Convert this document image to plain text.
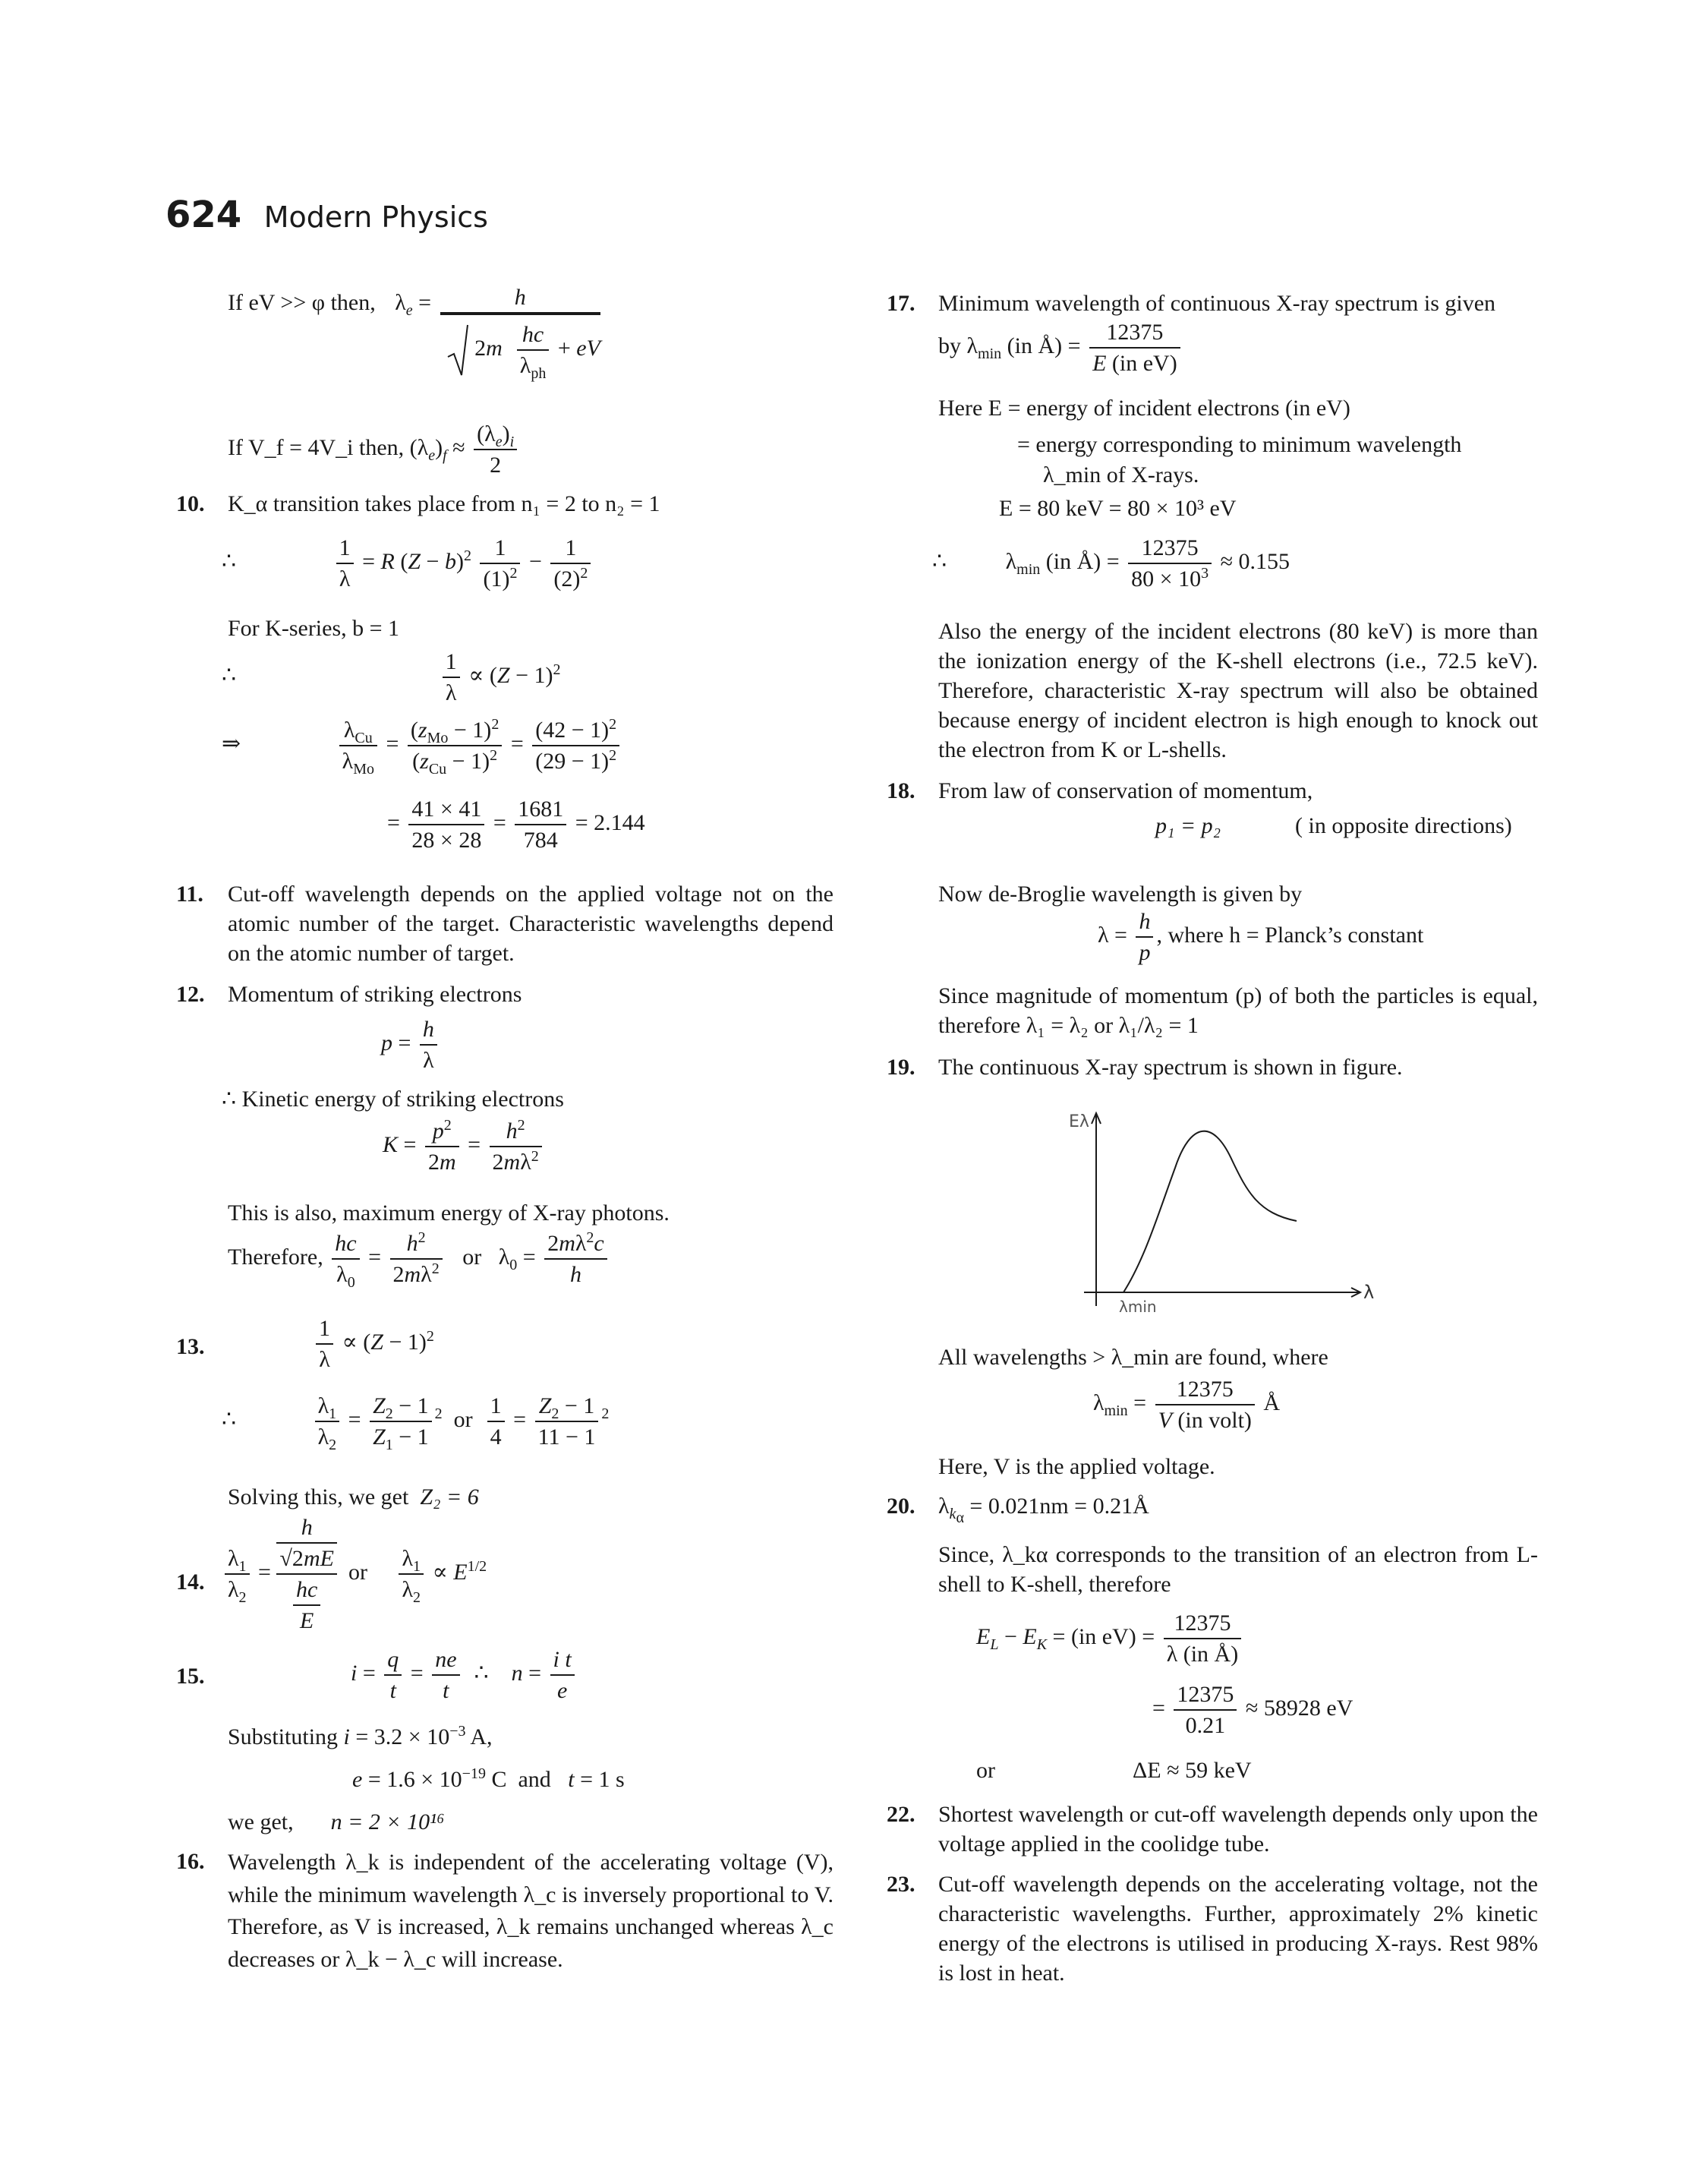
624 Modern Physics
If eV >> φ then, $\lambda_e = \frac{h}{2m \frac{hc}{\lambda_{ph}} + eV}$
If V_f = 4V_i then, $(\lambda_e)_f \approx \frac{(\lambda_e)_i}{2}$
10. K_α transition takes place from n₁ = 2 to n₂ = 1
∴	$\frac{1}{\lambda} = R$ $(Z - b)^2 \frac{1}{(1)^2} - \frac{1}{(2)^2}$
For K-series, b = 1
∴	$\frac{1}{\lambda} \propto (Z - 1)^2$
⇒	$\frac{\lambda_{Cu}}{\lambda_{Mo}} = \frac{(z_{Mo} - 1)^2}{(z_{Cu} - 1)^2} = \frac{(42 - 1)^2}{(29 - 1)^2}$
= $\frac{41 \times 41}{28 \times 28} = \frac{1681}{784} = 2.144$
11. Cut-off wavelength depends on the applied voltage not on the atomic number of the target. Characteristic wavelengths depend on the atomic number of target.
12. Momentum of striking electrons
$p = \frac{h}{\lambda}$
∴ Kinetic energy of striking electrons
$K = \frac{p^2}{2m} = \frac{h^2}{2m\lambda^2}$
This is also, maximum energy of X-ray photons.
Therefore, $\frac{hc}{\lambda_0} = \frac{h^2}{2m\lambda^2}$ or   $\lambda_0 = \frac{2m\lambda^2c}{h}$
13.	$\frac{1}{\lambda} \propto (Z - 1)^2$
∴	$\frac{\lambda_1}{\lambda_2} = \frac{Z_2 - 1}{Z_1 - 1} ^2$  or $\frac{1}{4} = \frac{Z_2 - 1}{11 - 1} ^2$
Solving this, we get Z₂ = 6
14. $\frac{\lambda_1}{\lambda_2} = \frac{\frac{h}{√2mE}}{\frac{hc}{E}}$ or $\frac{\lambda_1}{\lambda_2} \propto E^{1/2}$
15.	$i = \frac{q}{t} = \frac{ne}{t}$ ∴    $n = \frac{\text{i t}}{e}$
Substituting $i = 3.2 \times 10^{-3}$ A,
$e = 1.6 \times 10^{-19}$ C  and   t = 1 s
we get, n = 2 × 10¹⁶
16. Wavelength λ_k is independent of the accelerating voltage (V), while the minimum wavelength λ_c is inversely proportional to V. Therefore, as V is increased, λ_k remains unchanged whereas λ_c decreases or λ_k − λ_c will increase.
17. Minimum wavelength of continuous X-ray spectrum is given
by $\lambda_{min}$ (in Å) = $\frac{12375}{\text{E (in eV)}}$
Here E = energy of incident electrons (in eV)
= energy corresponding to minimum wavelength
λ_min of X-rays.
E = 80 keV = 80 × 10³ eV
∴ $\lambda_{min}$ (in Å) = $\frac{12375}{80 \times 10^3} \approx 0.155$
Also the energy of the incident electrons (80 keV) is more than the ionization energy of the K-shell electrons (i.e., 72.5 keV). Therefore, characteristic X-ray spectrum will also be obtained because energy of incident electron is high enough to knock out the electron from K or L-shells.
18. From law of conservation of momentum,
p₁ = p₂	( in opposite directions)
Now de-Broglie wavelength is given by
$\lambda = \frac{h}{p}$ , where h = Planck’s constant
Since magnitude of momentum (p) of both the particles is equal, therefore λ₁ = λ₂ or λ₁/λ₂ = 1
19. The continuous X-ray spectrum is shown in figure.
Eλ
λ
λmin
All wavelengths > λ_min are found, where
$\lambda_{min} = \frac{12375}{\text{V (in volt)}}$ Å
Here, V is the applied voltage.
20. $\lambda_{k_\alpha} = 0.021nm$ = 0.21Å
Since, λ_kα corresponds to the transition of an electron from L-shell to K-shell, therefore
$E_L - E_K = (in$ $eV) = \frac{12375}{\text{λ (in Å)}}$
= $\frac{12375}{0.21} \approx 58928$ eV
or	ΔE ≈ 59 keV
22. Shortest wavelength or cut-off wavelength depends only upon the voltage applied in the coolidge tube.
23. Cut-off wavelength depends on the accelerating voltage, not the characteristic wavelengths. Further, approximately 2% kinetic energy of the electrons is utilised in producing X-rays. Rest 98% is lost in heat.
